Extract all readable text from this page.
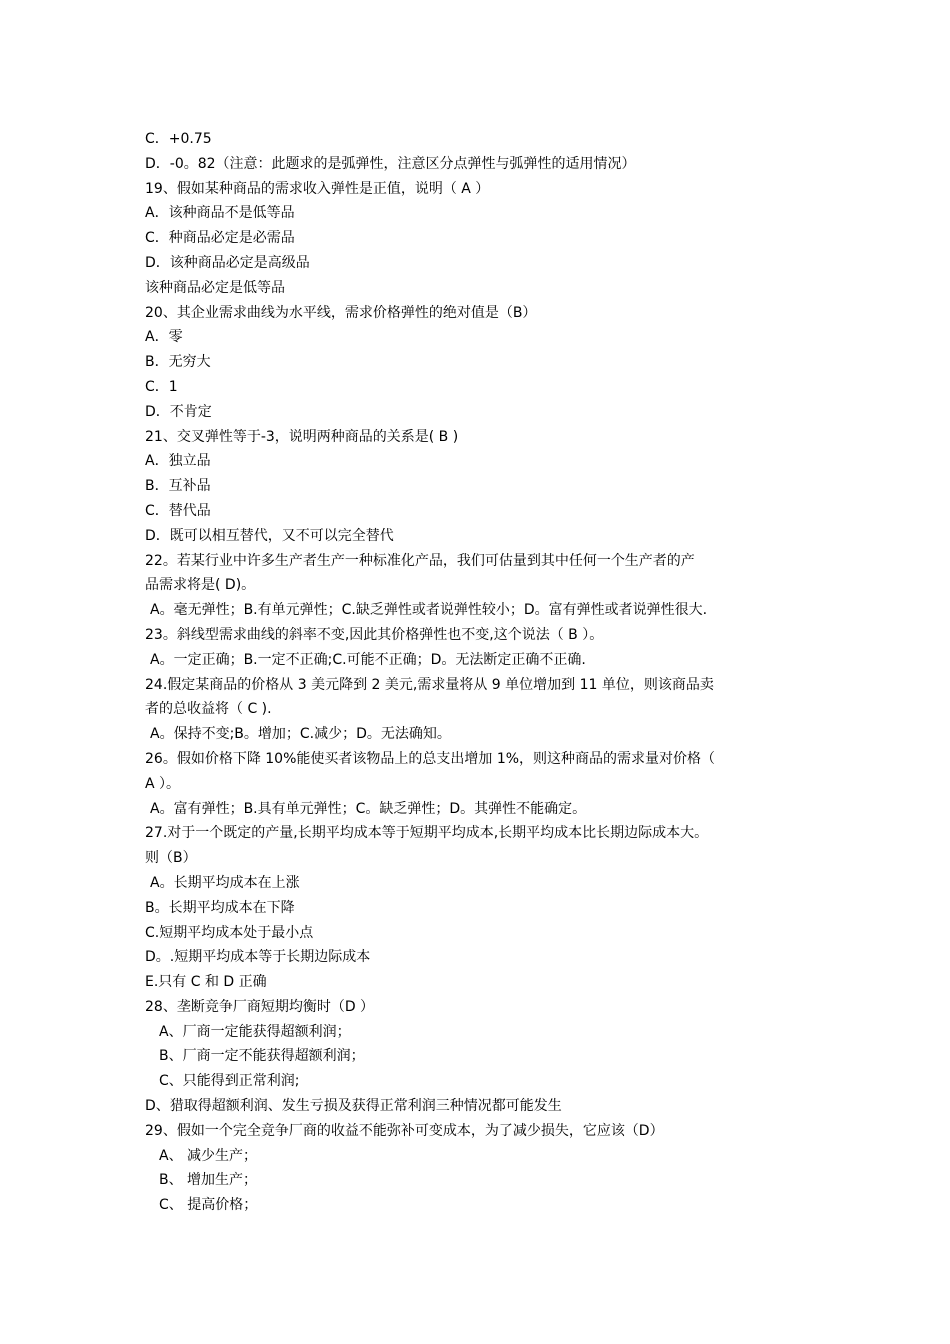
C．+0.75
D．-0。82（注意：此题求的是弧弹性，注意区分点弹性与弧弹性的适用情况）
19、假如某种商品的需求收入弹性是正值，说明（ A ）
A．该种商品不是低等品
C．种商品必定是必需品
D．该种商品必定是高级品
该种商品必定是低等品
20、其企业需求曲线为水平线，需求价格弹性的绝对值是（B）
A．零
B．无穷大
C．1
D．不肯定
21、交叉弹性等于-3，说明两种商品的关系是( B )
A．独立品
B．互补品
C．替代品
D．既可以相互替代，又不可以完全替代
22。若某行业中许多生产者生产一种标准化产品，我们可估量到其中任何一个生产者的产
品需求将是( D)。
A。毫无弹性；B.有单元弹性；C.缺乏弹性或者说弹性较小；D。富有弹性或者说弹性很大.
23。斜线型需求曲线的斜率不变,因此其价格弹性也不变,这个说法（ B ）。
A。一定正确；B.一定不正确;C.可能不正确；D。无法断定正确不正确.
24.假定某商品的价格从 3 美元降到 2 美元,需求量将从 9 单位增加到 11 单位，则该商品卖
者的总收益将（ C ).
A。保持不变;B。增加；C.减少；D。无法确知。
26。假如价格下降 10%能使买者该物品上的总支出增加 1%，则这种商品的需求量对价格（
A ）。
A。富有弹性；B.具有单元弹性；C。缺乏弹性；D。其弹性不能确定。
27.对于一个既定的产量,长期平均成本等于短期平均成本,长期平均成本比长期边际成本大。
则（B）
A。长期平均成本在上涨
B。长期平均成本在下降
C.短期平均成本处于最小点
D。.短期平均成本等于长期边际成本
E.只有 C 和 D 正确
28、垄断竞争厂商短期均衡时（D ）
A、厂商一定能获得超额利润；
B、厂商一定不能获得超额利润；
C、只能得到正常利润;
D、猎取得超额利润、发生亏损及获得正常利润三种情况都可能发生
29、假如一个完全竞争厂商的收益不能弥补可变成本，为了减少损失，它应该（D）
A、 减少生产；
B、 增加生产；
C、 提高价格；
